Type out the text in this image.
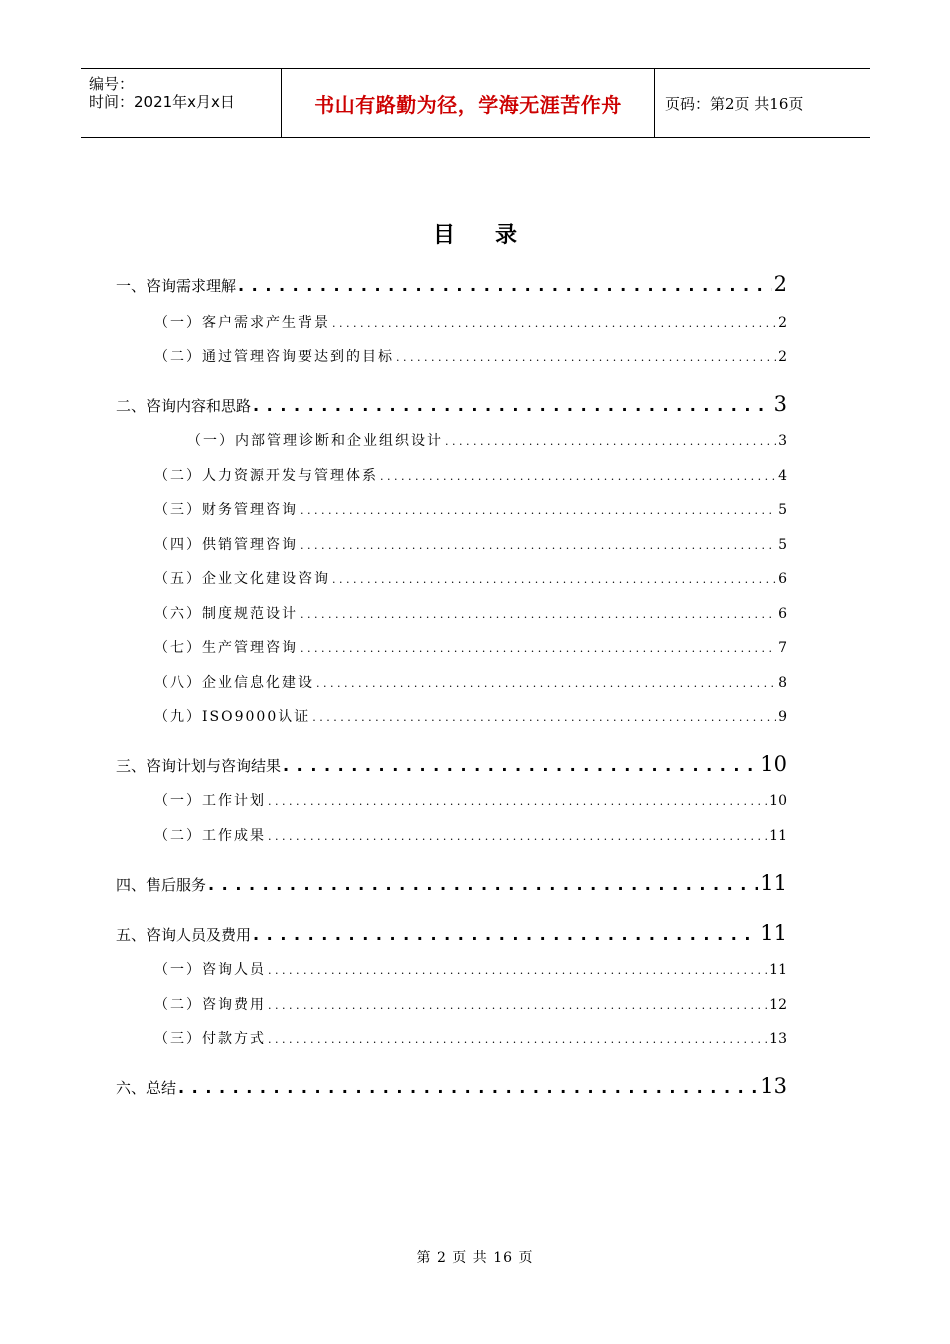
编号：
时间：2021年x月x日	书山有路勤为径，学海无涯苦作舟	页码：第2页 共16页
目录
一、咨询需求理解 . . .	2
（一）客户需求产生背景 . . .	2
（二）通过管理咨询要达到的目标 . . .	2
二、咨询内容和思路 . . .	3
（一）内部管理诊断和企业组织设计 . . .	3
（二）人力资源开发与管理体系 . . .	4
（三）财务管理咨询 . . .	5
（四）供销管理咨询 . . .	5
（五）企业文化建设咨询 . . .	6
（六）制度规范设计 . . .	6
（七）生产管理咨询 . . .	7
（八）企业信息化建设 . . .	8
（九）ISO9000认证 . . .	9
三、咨询计划与咨询结果 . . .	10
（一）工作计划 . . .	10
（二）工作成果 . . .	11
四、售后服务 . . .	11
五、咨询人员及费用 . . .	11
（一）咨询人员 . . .	11
（二）咨询费用 . . .	12
（三）付款方式 . . .	13
六、总结 . . .	13
第 2 页 共 16 页
